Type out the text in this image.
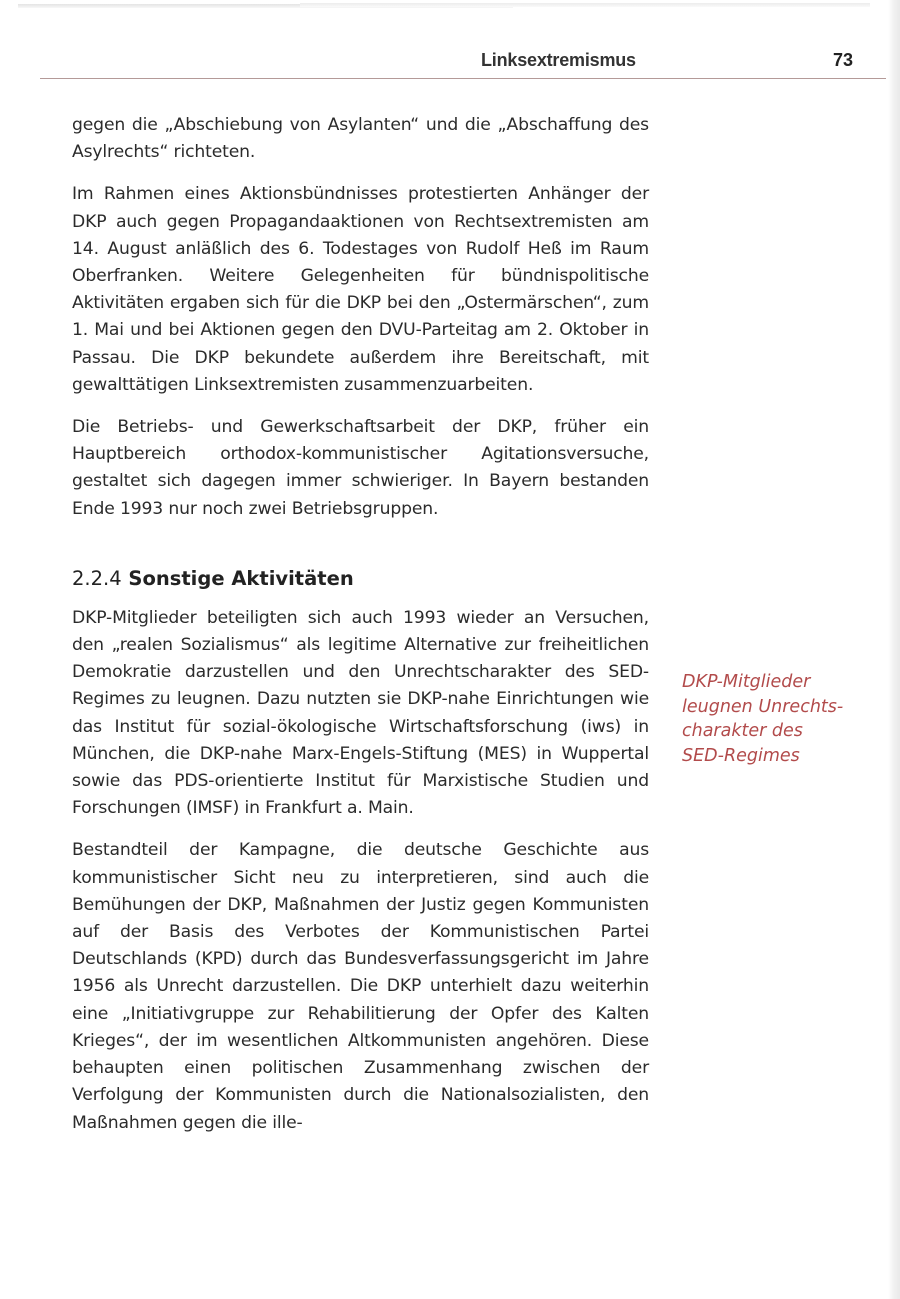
Linksextremismus	73

gegen die „Abschiebung von Asylanten“ und die „Abschaffung des Asylrechts“ richteten.

Im Rahmen eines Aktionsbündnisses protestierten Anhänger der DKP auch gegen Propagandaaktionen von Rechtsextremisten am 14. August anläßlich des 6. Todestages von Rudolf Heß im Raum Oberfranken. Weitere Gelegenheiten für bündnispolitische Aktivitäten ergaben sich für die DKP bei den „Ostermärschen“, zum 1. Mai und bei Aktionen gegen den DVU-Parteitag am 2. Oktober in Passau. Die DKP bekundete außerdem ihre Bereitschaft, mit gewalttätigen Linksextremisten zusammenzuarbeiten.

Die Betriebs- und Gewerkschaftsarbeit der DKP, früher ein Hauptbereich orthodox-kommunistischer Agitationsversuche, gestaltet sich dagegen immer schwieriger. In Bayern bestanden Ende 1993 nur noch zwei Betriebsgruppen.

2.2.4 Sonstige Aktivitäten

DKP-Mitglieder beteiligten sich auch 1993 wieder an Versuchen, den „realen Sozialismus“ als legitime Alternative zur freiheitlichen Demokratie darzustellen und den Unrechtscharakter des SED-Regimes zu leugnen. Dazu nutzten sie DKP-nahe Einrichtungen wie das Institut für sozial-ökologische Wirtschaftsforschung (iws) in München, die DKP-nahe Marx-Engels-Stiftung (MES) in Wuppertal sowie das PDS-orientierte Institut für Marxistische Studien und Forschungen (IMSF) in Frankfurt a. Main.

Bestandteil der Kampagne, die deutsche Geschichte aus kommunistischer Sicht neu zu interpretieren, sind auch die Bemühungen der DKP, Maßnahmen der Justiz gegen Kommunisten auf der Basis des Verbotes der Kommunistischen Partei Deutschlands (KPD) durch das Bundesverfassungsgericht im Jahre 1956 als Unrecht darzustellen. Die DKP unterhielt dazu weiterhin eine „Initiativgruppe zur Rehabilitierung der Opfer des Kalten Krieges“, der im wesentlichen Altkommunisten angehören. Diese behaupten einen politischen Zusammenhang zwischen der Verfolgung der Kommunisten durch die Nationalsozialisten, den Maßnahmen gegen die ille-

DKP-Mitglieder
leugnen Unrechts-
charakter des
SED-Regimes
